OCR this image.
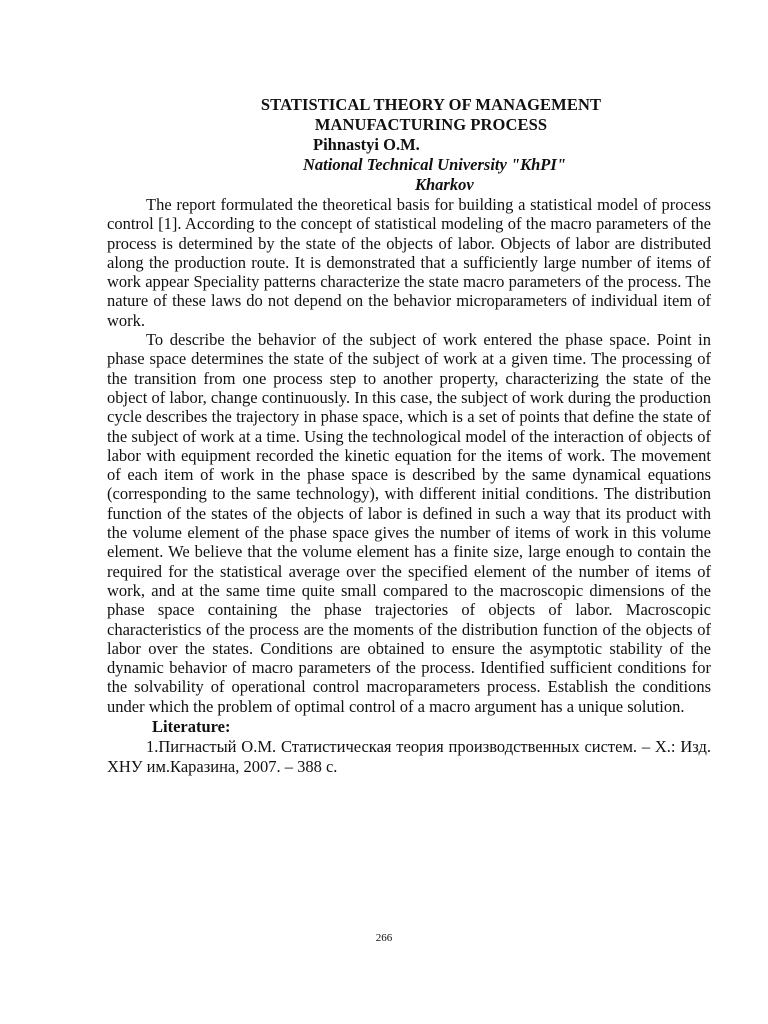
STATISTICAL THEORY OF MANAGEMENT
MANUFACTURING PROCESS
Pihnastyi O.M.
National Technical University "KhPI"
Kharkov

The report formulated the theoretical basis for building a statistical model of process control [1]. According to the concept of statistical modeling of the macro parameters of the process is determined by the state of the objects of labor. Objects of labor are distributed along the production route. It is demonstrated that a sufficiently large number of items of work appear Speciality patterns characterize the state macro parameters of the process. The nature of these laws do not depend on the behavior microparameters of individual item of work.

To describe the behavior of the subject of work entered the phase space. Point in phase space determines the state of the subject of work at a given time. The processing of the transition from one process step to another property, characterizing the state of the object of labor, change continuously. In this case, the subject of work during the production cycle describes the trajectory in phase space, which is a set of points that define the state of the subject of work at a time. Using the technological model of the interaction of objects of labor with equipment recorded the kinetic equation for the items of work. The movement of each item of work in the phase space is described by the same dynamical equations (corresponding to the same technology), with different initial conditions. The distribution function of the states of the objects of labor is defined in such a way that its product with the volume element of the phase space gives the number of items of work in this volume element. We believe that the volume element has a finite size, large enough to contain the required for the statistical average over the specified element of the number of items of work, and at the same time quite small compared to the macroscopic dimensions of the phase space containing the phase trajectories of objects of labor. Macroscopic characteristics of the process are the moments of the distribution function of the objects of labor over the states. Conditions are obtained to ensure the asymptotic stability of the dynamic behavior of macro parameters of the process. Identified sufficient conditions for the solvability of operational control macroparameters process. Establish the conditions under which the problem of optimal control of a macro argument has a unique solution.

Literature:

1.Пигнастый О.М. Статистическая теория производственных систем. – Х.: Изд. ХНУ им.Каразина, 2007. – 388 с.

266
